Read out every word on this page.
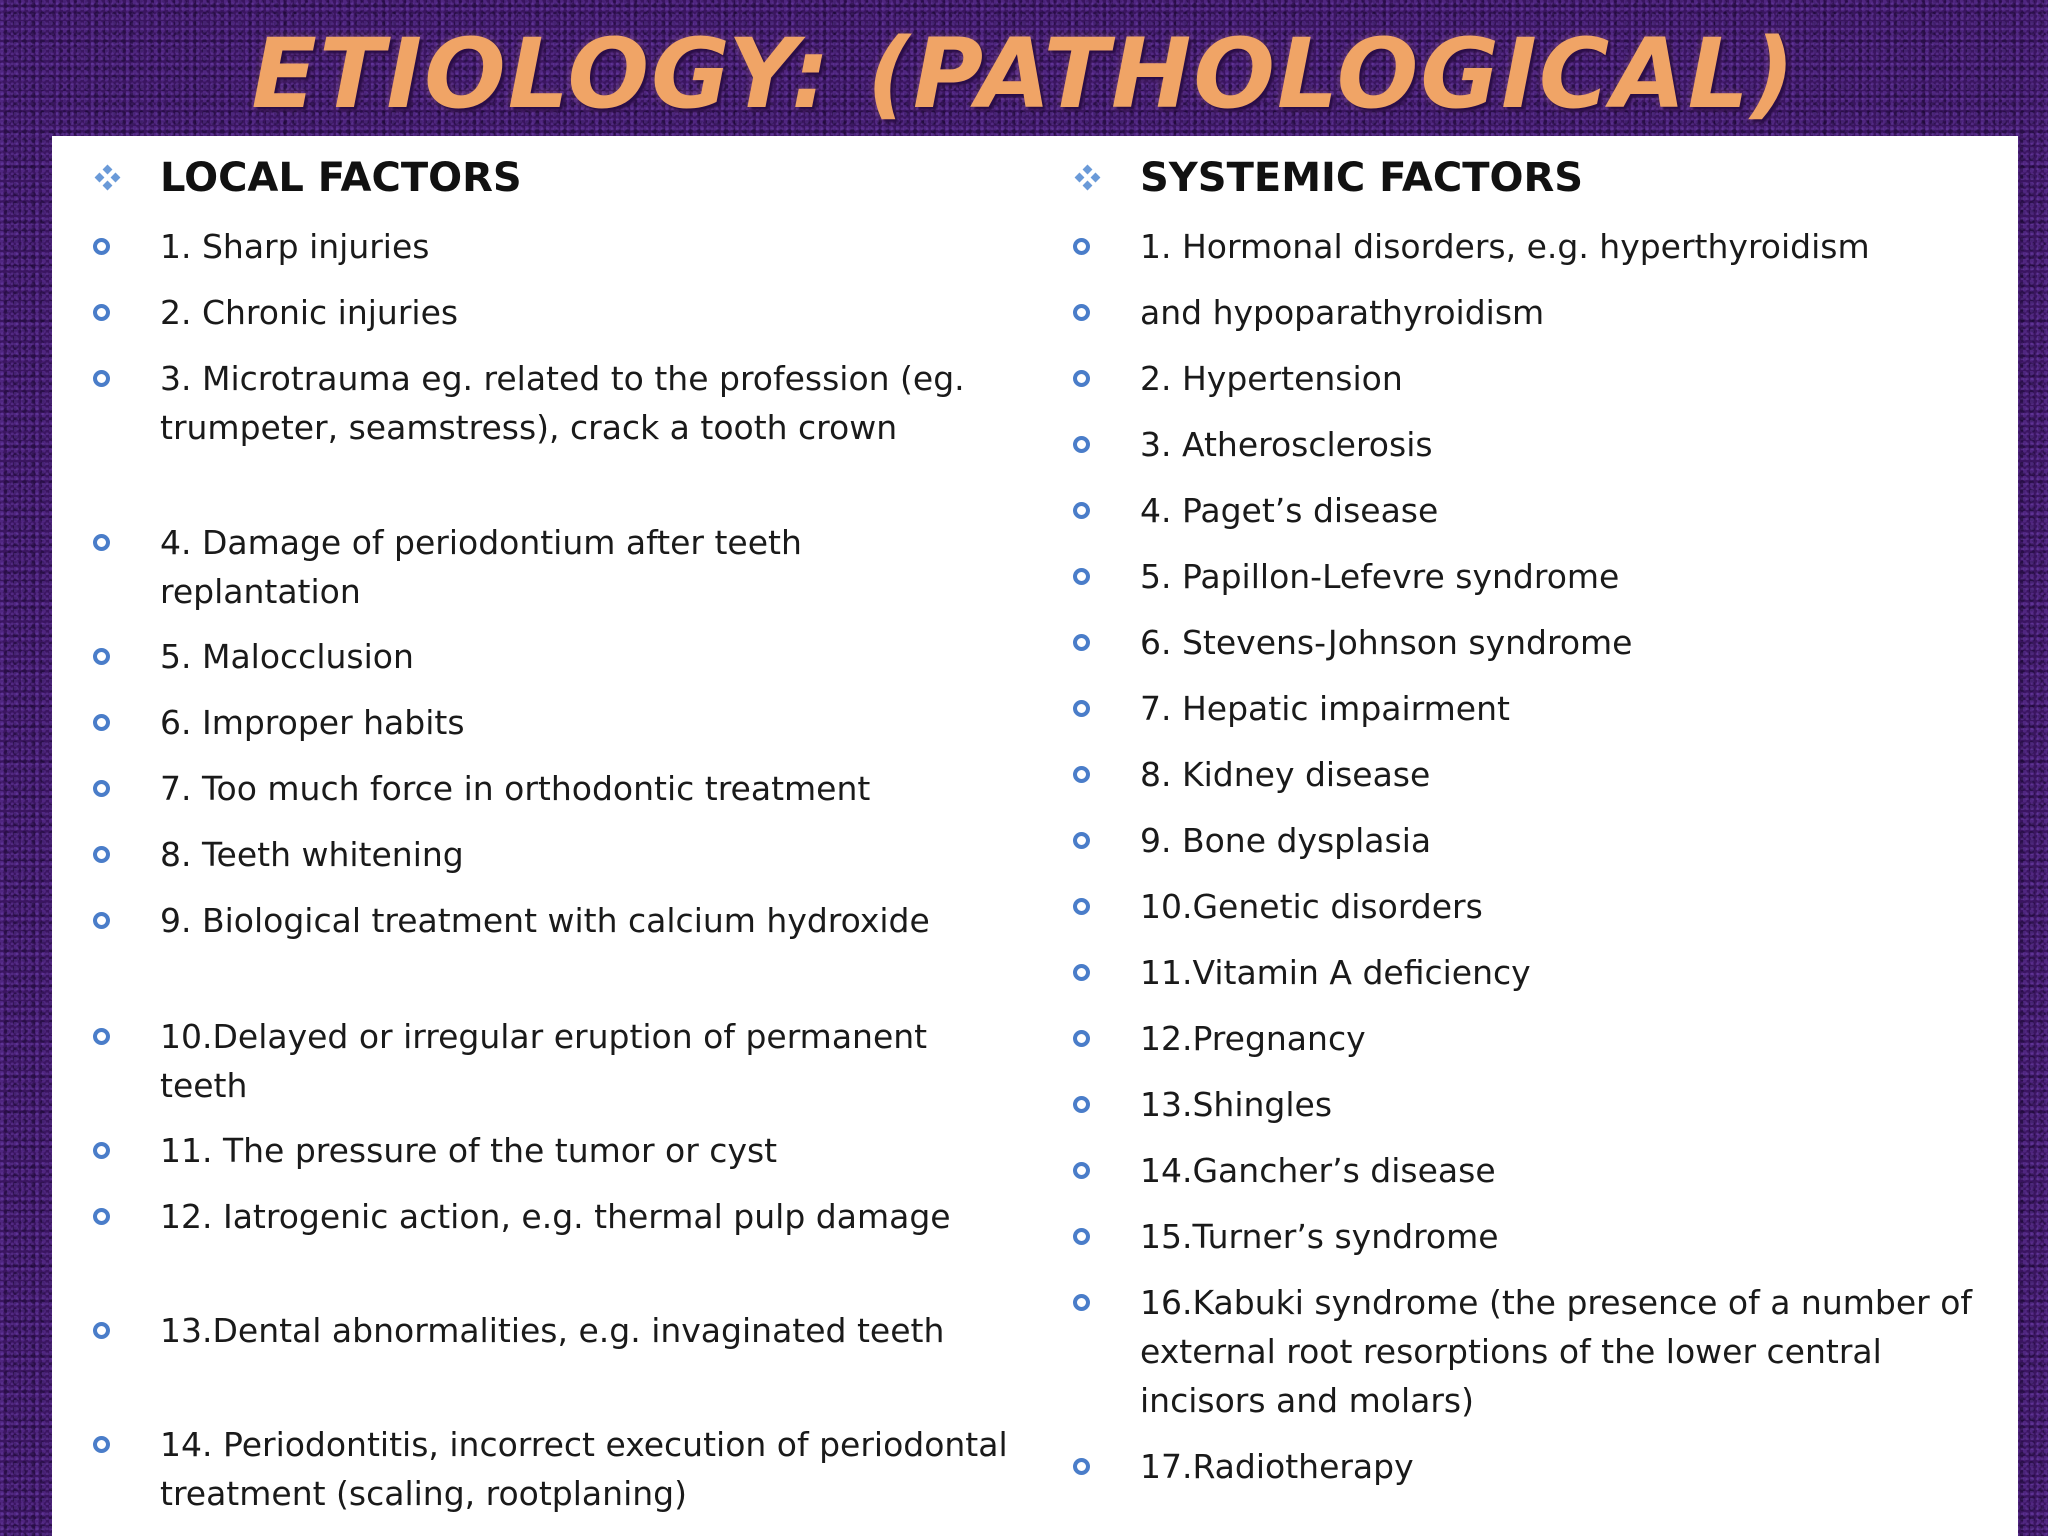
ETIOLOGY: (PATHOLOGICAL)
LOCAL FACTORS
1. Sharp injuries
2. Chronic injuries
3. Microtrauma eg. related to the profession (eg. trumpeter, seamstress), crack a tooth crown
4. Damage of periodontium after teeth replantation
5. Malocclusion
6. Improper habits
7. Too much force in orthodontic treatment
8. Teeth whitening
9. Biological treatment with calcium hydroxide
10.Delayed or irregular eruption of permanent teeth
11. The pressure of the tumor or cyst
12. Iatrogenic action, e.g. thermal pulp damage
13.Dental abnormalities, e.g. invaginated teeth
14. Periodontitis, incorrect execution of periodontal treatment (scaling, rootplaning)
SYSTEMIC FACTORS
1. Hormonal disorders, e.g. hyperthyroidism
and hypoparathyroidism
2. Hypertension
3. Atherosclerosis
4. Paget’s disease
5. Papillon-Lefevre syndrome
6. Stevens-Johnson syndrome
7. Hepatic impairment
8. Kidney disease
9. Bone dysplasia
10.Genetic disorders
11.Vitamin A deficiency
12.Pregnancy
13.Shingles
14.Gancher’s disease
15.Turner’s syndrome
16.Kabuki syndrome (the presence of a number of external root resorptions of the lower central incisors and molars)
17.Radiotherapy
